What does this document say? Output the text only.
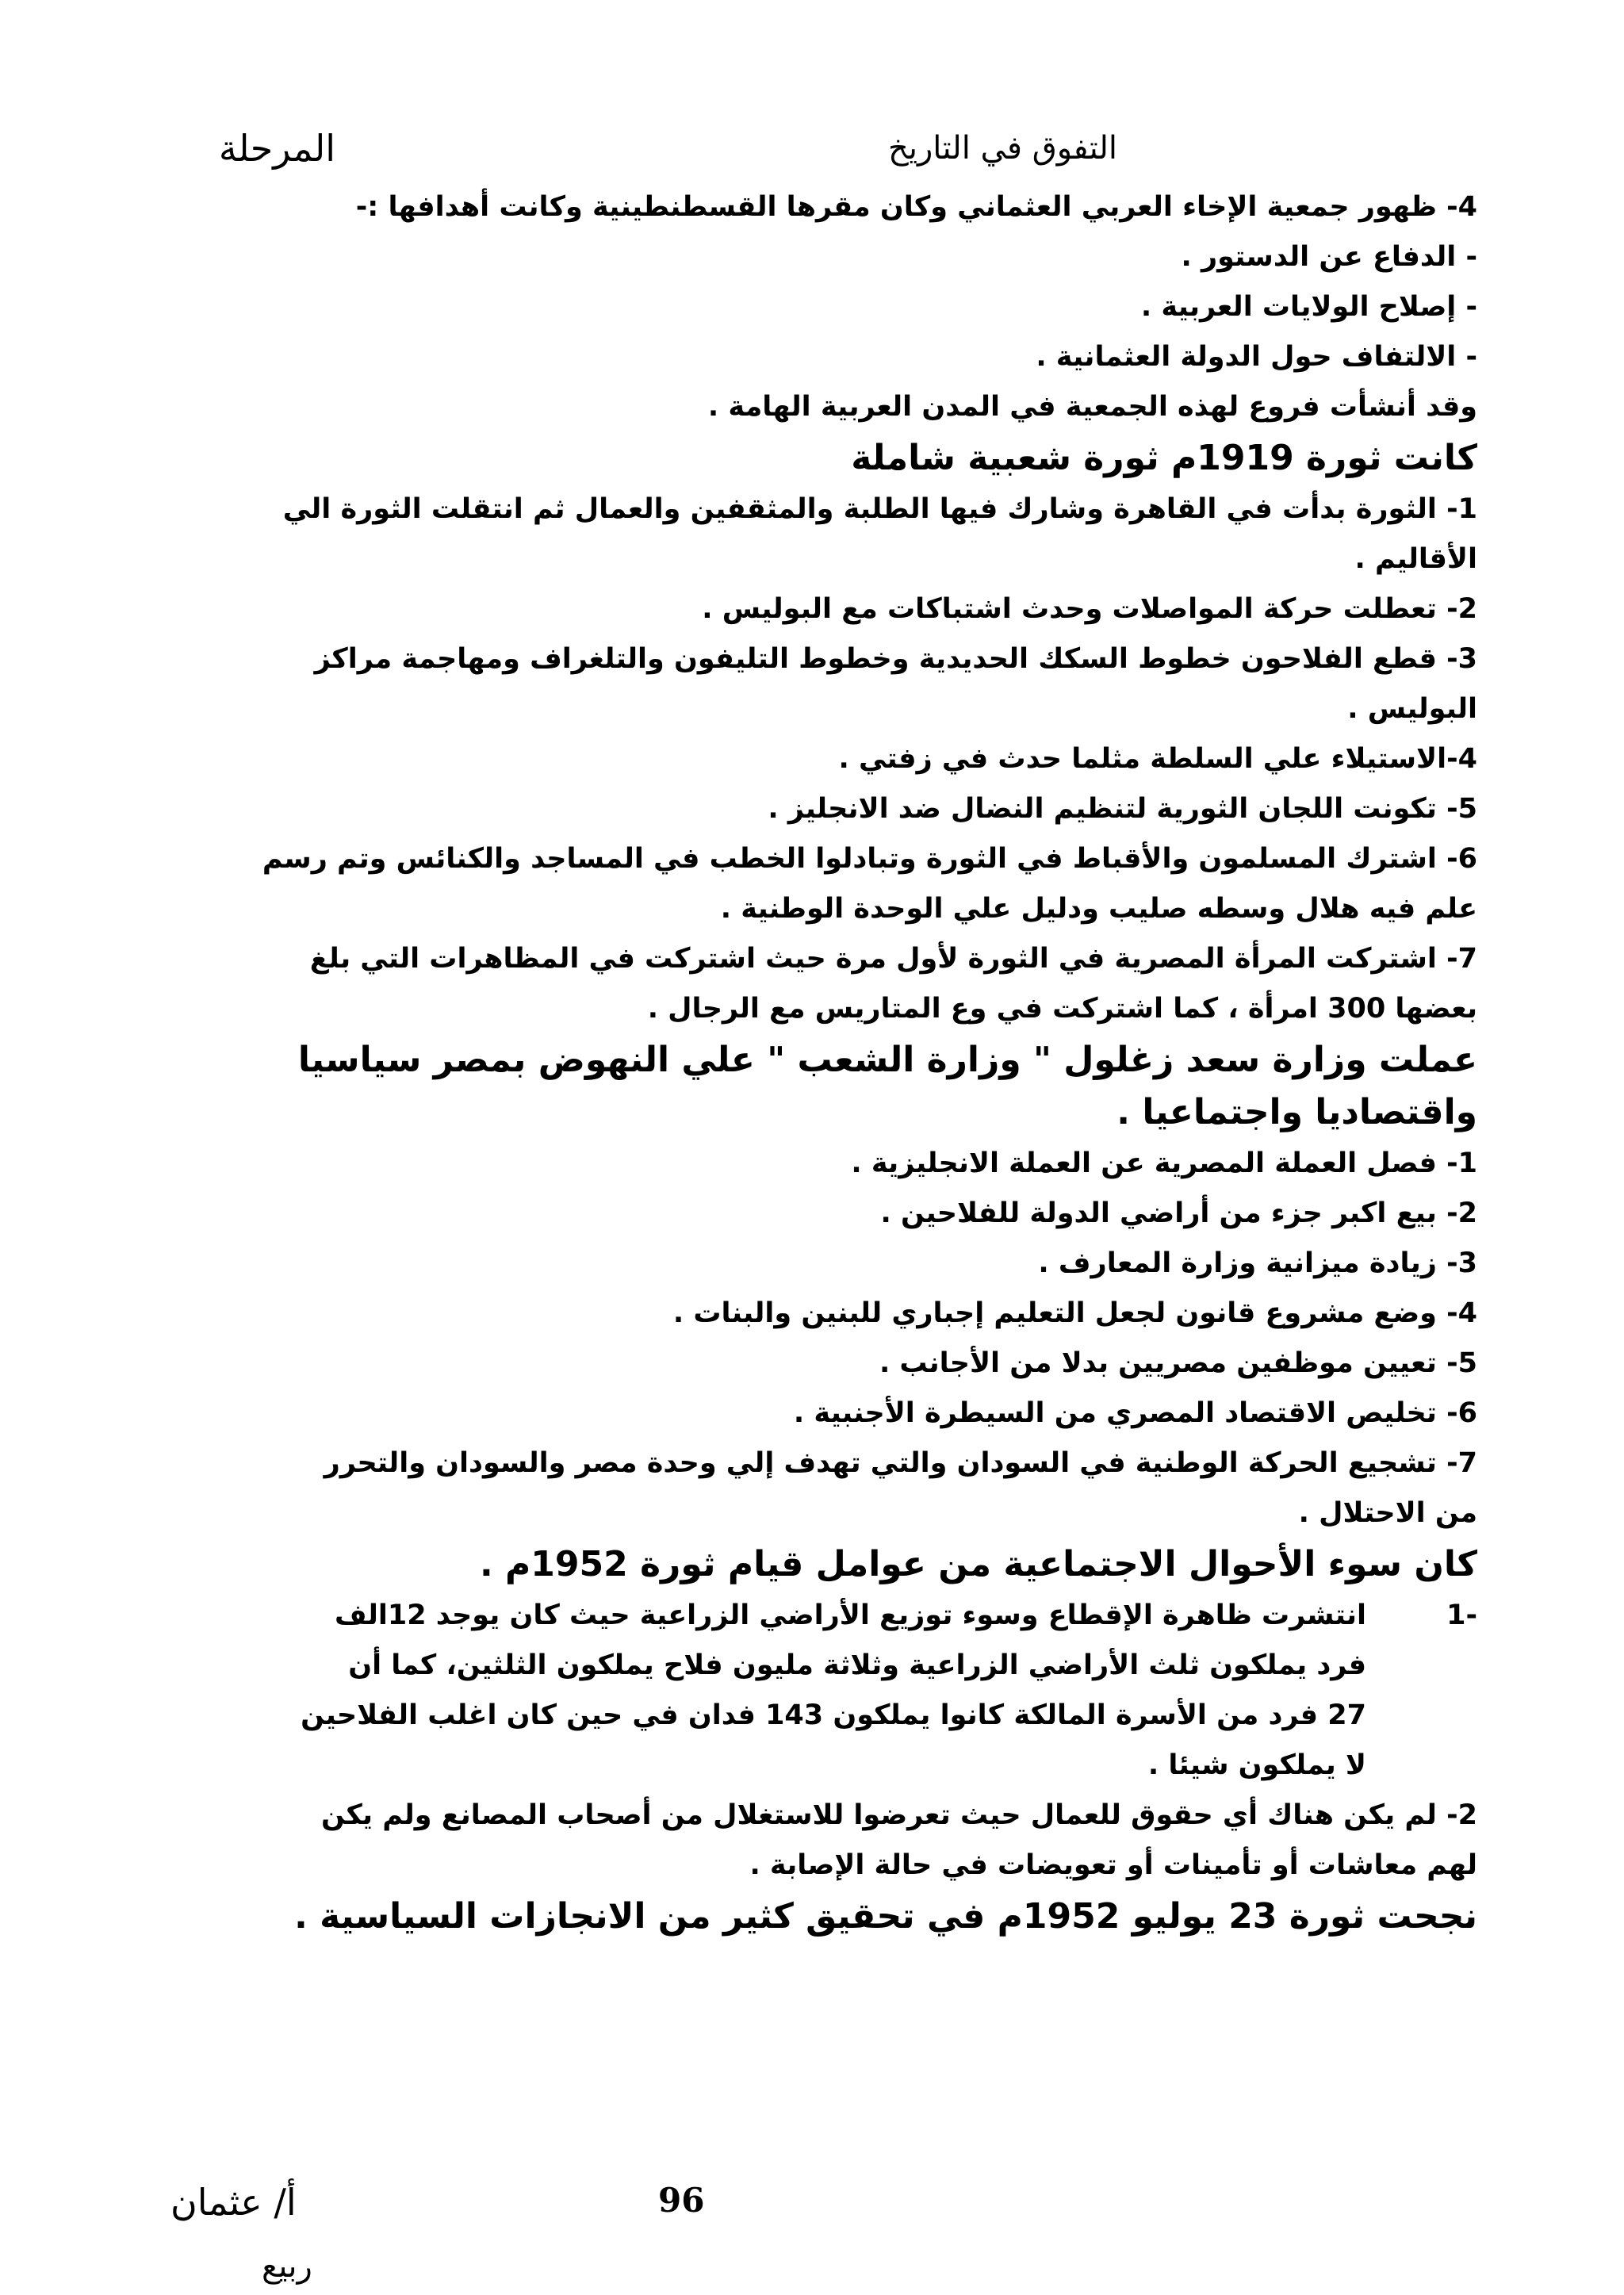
المرحلة	التفوق في التاريخ
4- ظهور جمعية الإخاء العربي العثماني وكان مقرها القسطنطينية وكانت أهدافها :-
- الدفاع عن الدستور .
- إصلاح الولايات العربية .
- الالتفاف حول الدولة العثمانية .
وقد أنشأت فروع لهذه الجمعية في المدن العربية الهامة .
كانت ثورة 1919م ثورة شعبية شاملة
1- الثورة بدأت في القاهرة وشارك فيها الطلبة والمثقفين والعمال ثم انتقلت الثورة الي
الأقاليم .
2- تعطلت حركة المواصلات وحدث اشتباكات مع البوليس .
3- قطع الفلاحون خطوط السكك الحديدية وخطوط التليفون والتلغراف ومهاجمة مراكز
البوليس .
4-الاستيلاء علي السلطة مثلما حدث في زفتي .
5- تكونت اللجان الثورية لتنظيم النضال ضد الانجليز .
6- اشترك المسلمون والأقباط في الثورة وتبادلوا الخطب في المساجد والكنائس وتم رسم
علم فيه هلال وسطه صليب ودليل علي الوحدة الوطنية .
7- اشتركت المرأة المصرية في الثورة لأول مرة حيث اشتركت في المظاهرات التي بلغ
بعضها 300 امرأة ، كما اشتركت في وع المتاريس مع الرجال .
عملت وزارة سعد زغلول " وزارة الشعب " علي النهوض بمصر سياسيا
واقتصاديا واجتماعيا .
1- فصل العملة المصرية عن العملة الانجليزية .
2- بيع اكبر جزء من أراضي الدولة للفلاحين .
3- زيادة ميزانية وزارة المعارف .
4- وضع مشروع قانون لجعل التعليم إجباري للبنين والبنات .
5- تعيين موظفين مصريين بدلا من الأجانب .
6- تخليص الاقتصاد المصري من السيطرة الأجنبية .
7- تشجيع الحركة الوطنية في السودان والتي تهدف إلي وحدة مصر والسودان والتحرر
من الاحتلال .
كان سوء الأحوال الاجتماعية من عوامل قيام ثورة 1952م .
-1
انتشرت ظاهرة الإقطاع وسوء توزيع الأراضي الزراعية حيث كان يوجد 12الف
فرد يملكون ثلث الأراضي الزراعية وثلاثة مليون فلاح يملكون الثلثين، كما أن
27 فرد من الأسرة المالكة كانوا يملكون 143 فدان في حين كان اغلب الفلاحين
لا يملكون شيئا .
2- لم يكن هناك أي حقوق للعمال حيث تعرضوا للاستغلال من أصحاب المصانع ولم يكن
لهم معاشات أو تأمينات أو تعويضات في حالة الإصابة .
نجحت ثورة 23 يوليو 1952م في تحقيق كثير من الانجازات السياسية .
96
أ/ عثمان
ربيع
